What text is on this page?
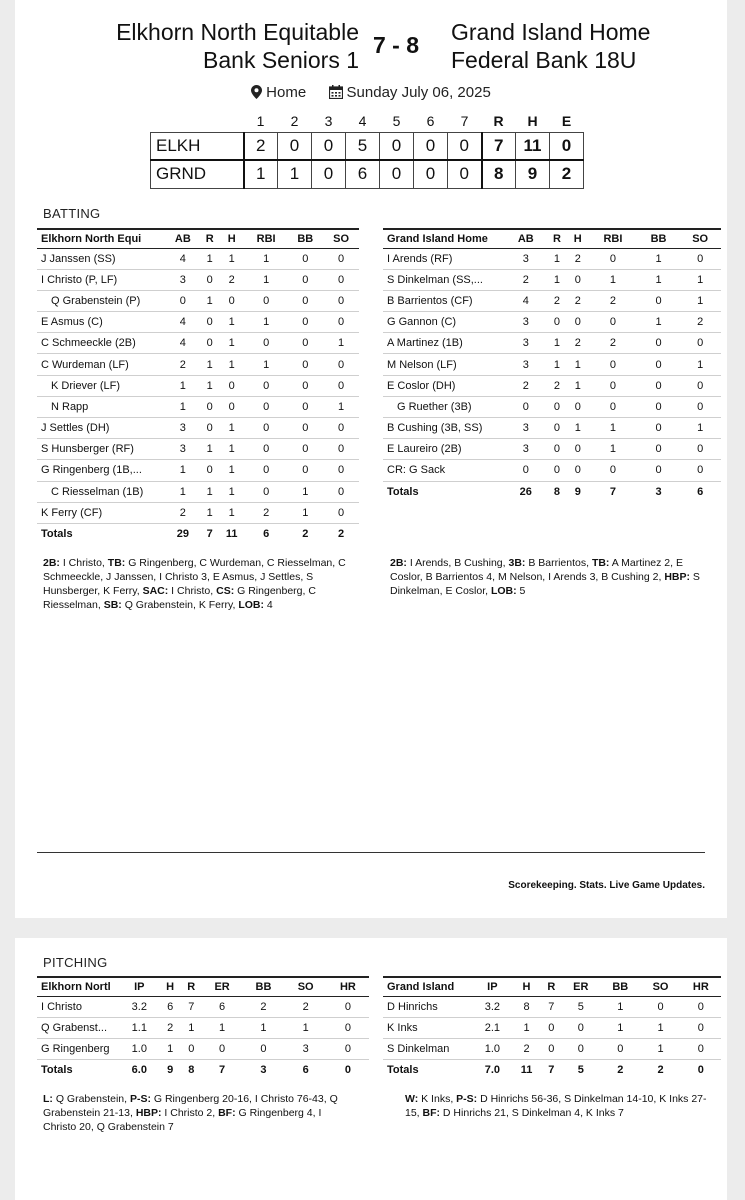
Elkhorn North Equitable
Bank Seniors 1
7 - 8	Grand Island Home
Federal Bank 18U
Home	Sunday July 06, 2025
	1	2	3	4	5	6	7	R	H	E
ELKH	2	0	0	5	0	0	0	7	11	0
GRND	1	1	0	6	0	0	0	8	9	2
BATTING
Elkhorn North Equi	AB	R	H	RBI	BB	SO
J Janssen (SS)	4	1	1	1	0	0
I Christo (P, LF)	3	0	2	1	0	0
Q Grabenstein (P)	0	1	0	0	0	0
E Asmus (C)	4	0	1	1	0	0
C Schmeeckle (2B)	4	0	1	0	0	1
C Wurdeman (LF)	2	1	1	1	0	0
K Driever (LF)	1	1	0	0	0	0
N Rapp	1	0	0	0	0	1
J Settles (DH)	3	0	1	0	0	0
S Hunsberger (RF)	3	1	1	0	0	0
G Ringenberg (1B,...	1	0	1	0	0	0
C Riesselman (1B)	1	1	1	0	1	0
K Ferry (CF)	2	1	1	2	1	0
Totals	29	7	11	6	2	2
Grand Island Home	AB	R	H	RBI	BB	SO
I Arends (RF)	3	1	2	0	1	0
S Dinkelman (SS,...	2	1	0	1	1	1
B Barrientos (CF)	4	2	2	2	0	1
G Gannon (C)	3	0	0	0	1	2
A Martinez (1B)	3	1	2	2	0	0
M Nelson (LF)	3	1	1	0	0	1
E Coslor (DH)	2	2	1	0	0	0
G Ruether (3B)	0	0	0	0	0	0
B Cushing (3B, SS)	3	0	1	1	0	1
E Laureiro (2B)	3	0	0	1	0	0
CR: G Sack	0	0	0	0	0	0
Totals	26	8	9	7	3	6
2B: I Christo, TB: G Ringenberg, C Wurdeman, C Riesselman, C Schmeeckle, J Janssen, I Christo 3, E Asmus, J Settles, S Hunsberger, K Ferry, SAC: I Christo, CS: G Ringenberg, C Riesselman, SB: Q Grabenstein, K Ferry, LOB: 4
2B: I Arends, B Cushing, 3B: B Barrientos, TB: A Martinez 2, E Coslor, B Barrientos 4, M Nelson, I Arends 3, B Cushing 2, HBP: S Dinkelman, E Coslor, LOB: 5
Scorekeeping. Stats. Live Game Updates.
PITCHING
Elkhorn Nortl	IP	H	R	ER	BB	SO	HR
I Christo	3.2	6	7	6	2	2	0
Q Grabenst...	1.1	2	1	1	1	1	0
G Ringenberg	1.0	1	0	0	0	3	0
Totals	6.0	9	8	7	3	6	0
Grand Island	IP	H	R	ER	BB	SO	HR
D Hinrichs	3.2	8	7	5	1	0	0
K Inks	2.1	1	0	0	1	1	0
S Dinkelman	1.0	2	0	0	0	1	0
Totals	7.0	11	7	5	2	2	0
L: Q Grabenstein, P-S: G Ringenberg 20-16, I Christo 76-43, Q Grabenstein 21-13, HBP: I Christo 2, BF: G Ringenberg 4, I Christo 20, Q Grabenstein 7
W: K Inks, P-S: D Hinrichs 56-36, S Dinkelman 14-10, K Inks 27-15, BF: D Hinrichs 21, S Dinkelman 4, K Inks 7
